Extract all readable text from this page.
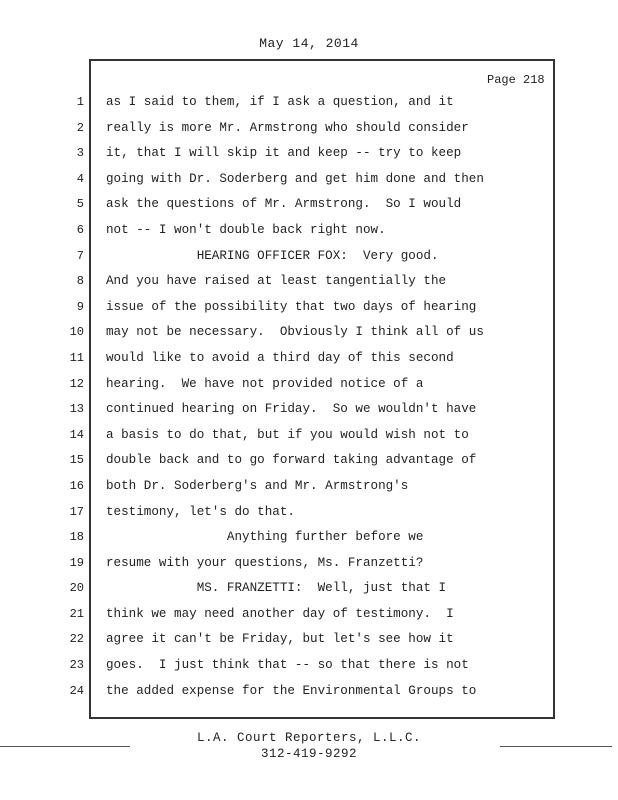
May 14, 2014
Page 218
1
2
3
4
5
6
7
8
9
10
11
12
13
14
15
16
17
18
19
20
21
22
23
24
as I said to them, if I ask a question, and it
really is more Mr. Armstrong who should consider
it, that I will skip it and keep -- try to keep
going with Dr. Soderberg and get him done and then
ask the questions of Mr. Armstrong.  So I would
not -- I won't double back right now.
HEARING OFFICER FOX:  Very good.
And you have raised at least tangentially the
issue of the possibility that two days of hearing
may not be necessary.  Obviously I think all of us
would like to avoid a third day of this second
hearing.  We have not provided notice of a
continued hearing on Friday.  So we wouldn't have
a basis to do that, but if you would wish not to
double back and to go forward taking advantage of
both Dr. Soderberg's and Mr. Armstrong's
testimony, let's do that.
Anything further before we
resume with your questions, Ms. Franzetti?
MS. FRANZETTI:  Well, just that I
think we may need another day of testimony.  I
agree it can't be Friday, but let's see how it
goes.  I just think that -- so that there is not
the added expense for the Environmental Groups to
L.A. Court Reporters, L.L.C.
312-419-9292
